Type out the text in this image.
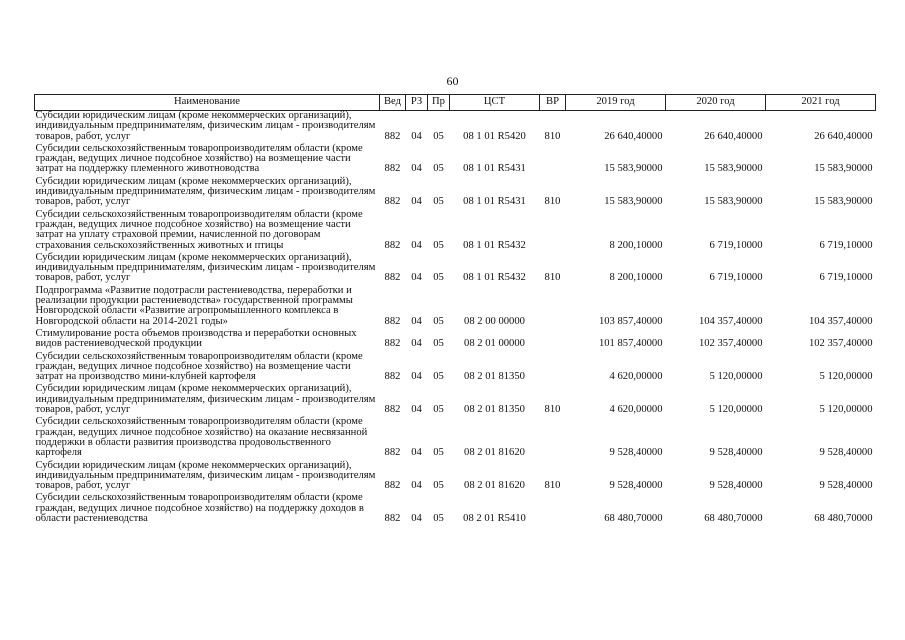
60
Наименование	Вед	РЗ	Пр	ЦСТ	ВР	2019 год	2020 год	2021 год
Субсидии юридическим лицам (кроме некоммерческих организаций), индивидуальным предпринимателям, физическим лицам - производителям товаров, работ, услуг	882	04	05	08 1 01 R5420	810	26 640,40000	26 640,40000	26 640,40000
Субсидии сельскохозяйственным товаропроизводителям области (кроме граждан, ведущих личное подсобное хозяйство) на возмещение части затрат на поддержку племенного животноводства	882	04	05	08 1 01 R5431		15 583,90000	15 583,90000	15 583,90000
Субсидии юридическим лицам (кроме некоммерческих организаций), индивидуальным предпринимателям, физическим лицам - производителям товаров, работ, услуг	882	04	05	08 1 01 R5431	810	15 583,90000	15 583,90000	15 583,90000
Субсидии сельскохозяйственным товаропроизводителям области (кроме граждан, ведущих личное подсобное хозяйство) на возмещение части затрат на уплату страховой премии, начисленной по договорам страхования сельскохозяйственных животных и птицы	882	04	05	08 1 01 R5432		8 200,10000	6 719,10000	6 719,10000
Субсидии юридическим лицам (кроме некоммерческих организаций), индивидуальным предпринимателям, физическим лицам - производителям товаров, работ, услуг	882	04	05	08 1 01 R5432	810	8 200,10000	6 719,10000	6 719,10000
Подпрограмма «Развитие подотрасли растениеводства, переработки и реализации продукции растениеводства» государственной программы Новгородской области «Развитие агропромышленного комплекса в Новгородской области на 2014-2021 годы»	882	04	05	08 2 00 00000		103 857,40000	104 357,40000	104 357,40000
Стимулирование роста объемов производства и переработки основных видов растениеводческой продукции	882	04	05	08 2 01 00000		101 857,40000	102 357,40000	102 357,40000
Субсидии сельскохозяйственным товаропроизводителям области (кроме граждан, ведущих личное подсобное хозяйство) на возмещение части затрат на производство мини-клубней картофеля	882	04	05	08 2 01 81350		4 620,00000	5 120,00000	5 120,00000
Субсидии юридическим лицам (кроме некоммерческих организаций), индивидуальным предпринимателям, физическим лицам - производителям товаров, работ, услуг	882	04	05	08 2 01 81350	810	4 620,00000	5 120,00000	5 120,00000
Субсидии сельскохозяйственным товаропроизводителям области (кроме граждан, ведущих личное подсобное хозяйство) на оказание несвязанной поддержки в области развития производства продовольственного картофеля	882	04	05	08 2 01 81620		9 528,40000	9 528,40000	9 528,40000
Субсидии юридическим лицам (кроме некоммерческих организаций), индивидуальным предпринимателям, физическим лицам - производителям товаров, работ, услуг	882	04	05	08 2 01 81620	810	9 528,40000	9 528,40000	9 528,40000
Субсидии сельскохозяйственным товаропроизводителям области (кроме граждан, ведущих личное подсобное хозяйство) на поддержку доходов в области растениеводства	882	04	05	08 2 01 R5410		68 480,70000	68 480,70000	68 480,70000
